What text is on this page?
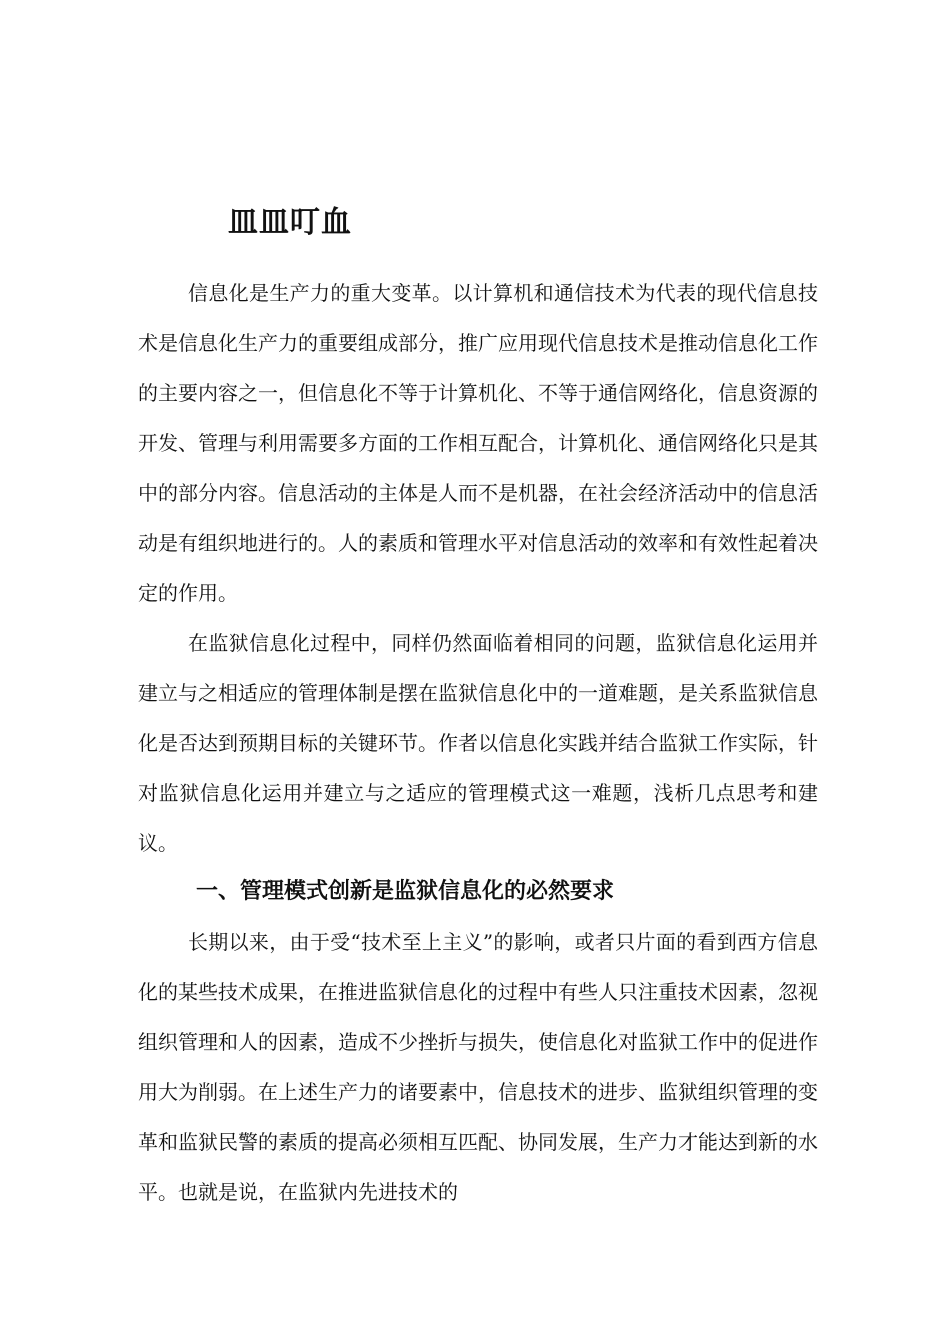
皿皿叮血

信息化是生产力的重大变革。以计算机和通信技术为代表的现代信息技术是信息化生产力的重要组成部分，推广应用现代信息技术是推动信息化工作的主要内容之一，但信息化不等于计算机化、不等于通信网络化，信息资源的开发、管理与利用需要多方面的工作相互配合，计算机化、通信网络化只是其中的部分内容。信息活动的主体是人而不是机器，在社会经济活动中的信息活动是有组织地进行的。人的素质和管理水平对信息活动的效率和有效性起着决定的作用。

在监狱信息化过程中，同样仍然面临着相同的问题，监狱信息化运用并建立与之相适应的管理体制是摆在监狱信息化中的一道难题，是关系监狱信息化是否达到预期目标的关键环节。作者以信息化实践并结合监狱工作实际，针对监狱信息化运用并建立与之适应的管理模式这一难题，浅析几点思考和建议。

一、管理模式创新是监狱信息化的必然要求

长期以来，由于受“技术至上主义”的影响，或者只片面的看到西方信息化的某些技术成果，在推进监狱信息化的过程中有些人只注重技术因素，忽视组织管理和人的因素，造成不少挫折与损失，使信息化对监狱工作中的促进作用大为削弱。在上述生产力的诸要素中，信息技术的进步、监狱组织管理的变革和监狱民警的素质的提高必须相互匹配、协同发展，生产力才能达到新的水平。也就是说，在监狱内先进技术的
